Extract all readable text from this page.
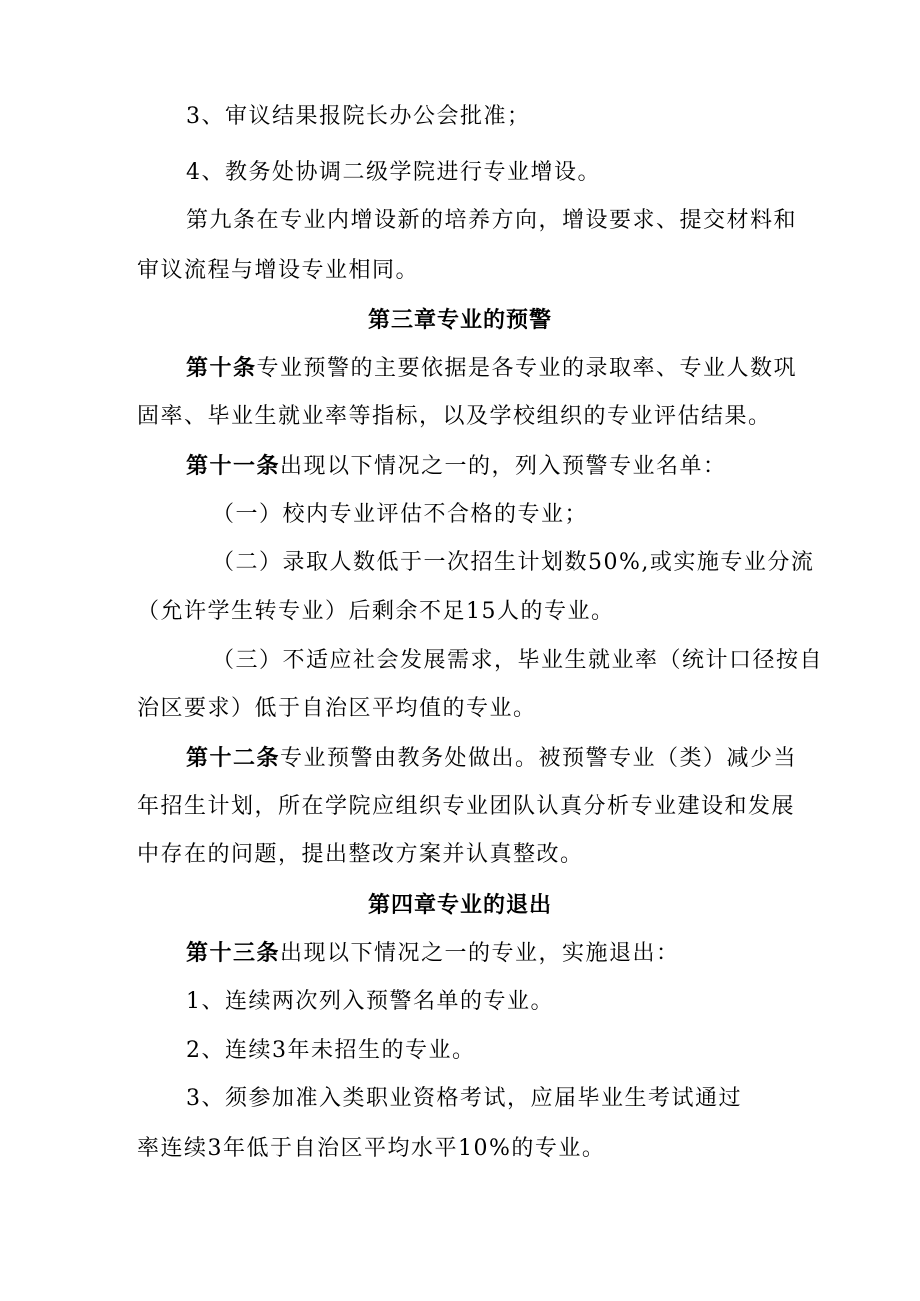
3、审议结果报院长办公会批准；
4、教务处协调二级学院进行专业增设。
第九条在专业内增设新的培养方向，增设要求、提交材料和
审议流程与增设专业相同。
第三章专业的预警
第十条专业预警的主要依据是各专业的录取率、专业人数巩
固率、毕业生就业率等指标，以及学校组织的专业评估结果。
第十一条出现以下情况之一的，列入预警专业名单：
（一）校内专业评估不合格的专业；
（二）录取人数低于一次招生计划数50%,或实施专业分流
（允许学生转专业）后剩余不足15人的专业。
（三）不适应社会发展需求，毕业生就业率（统计口径按自
治区要求）低于自治区平均值的专业。
第十二条专业预警由教务处做出。被预警专业（类）减少当
年招生计划，所在学院应组织专业团队认真分析专业建设和发展
中存在的问题，提出整改方案并认真整改。
第四章专业的退出
第十三条出现以下情况之一的专业，实施退出：
1、连续两次列入预警名单的专业。
2、连续3年未招生的专业。
3、须参加准入类职业资格考试，应届毕业生考试通过
率连续3年低于自治区平均水平10%的专业。
